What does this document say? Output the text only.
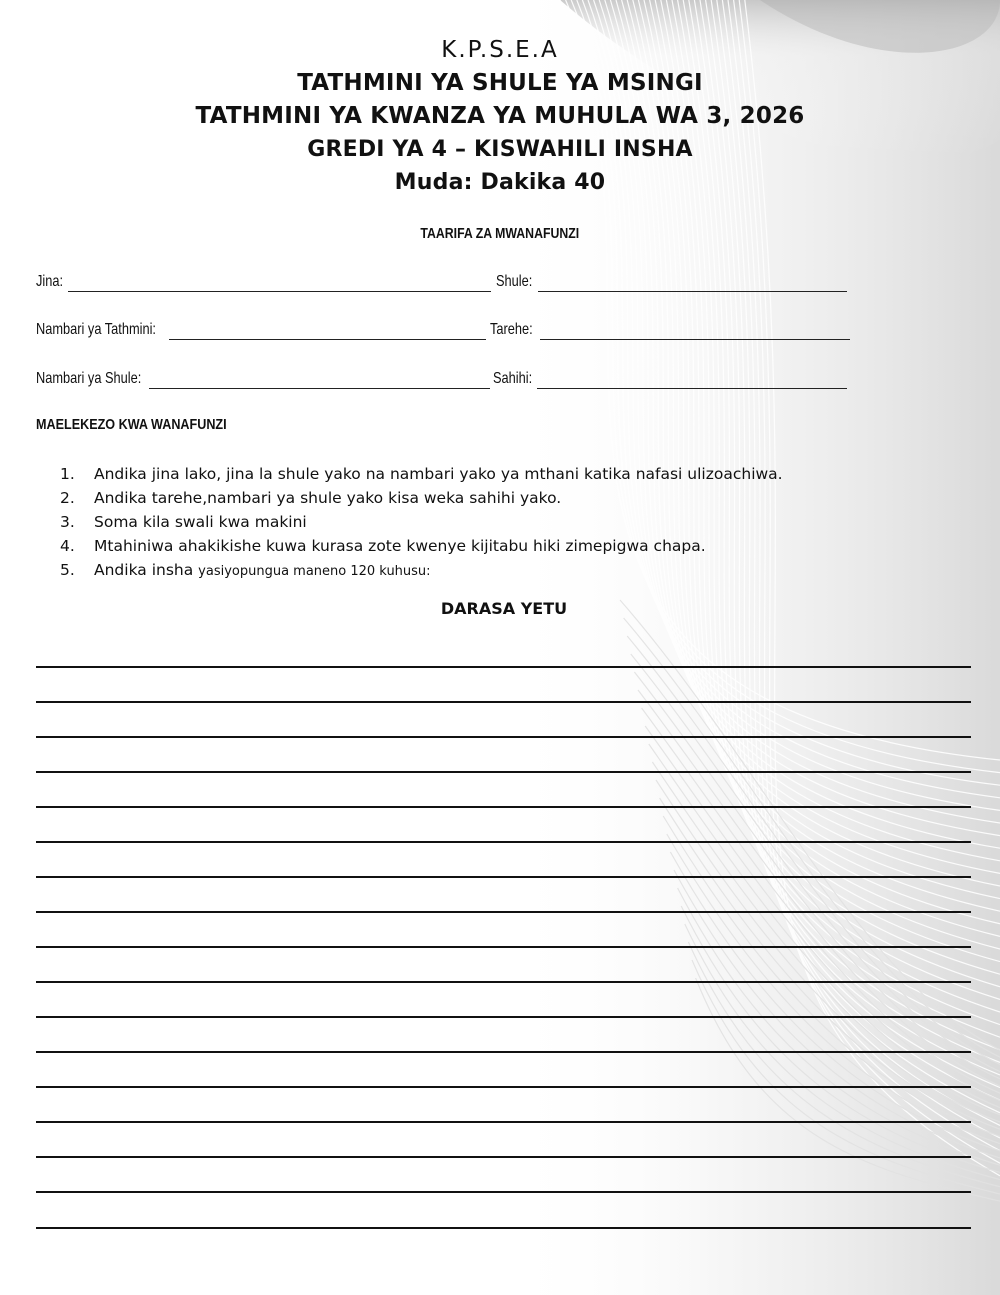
K.P.S.E.A
TATHMINI YA SHULE YA MSINGI
TATHMINI YA KWANZA YA MUHULA WA 3, 2026
GREDI YA 4 – KISWAHILI INSHA
Muda: Dakika 40
TAARIFA ZA MWANAFUNZI
Jina:	Shule:
Nambari ya Tathmini:	Tarehe:
Nambari ya Shule:	Sahihi:
MAELEKEZO KWA WANAFUNZI
1. Andika jina lako, jina la shule yako na nambari yako ya mthani katika nafasi ulizoachiwa.
2. Andika tarehe,nambari ya shule yako kisa weka sahihi yako.
3. Soma kila swali kwa makini
4. Mtahiniwa ahakikishe kuwa kurasa zote kwenye kijitabu hiki zimepigwa chapa.
5. Andika insha yasiyopungua maneno 120 kuhusu:
DARASA YETU
